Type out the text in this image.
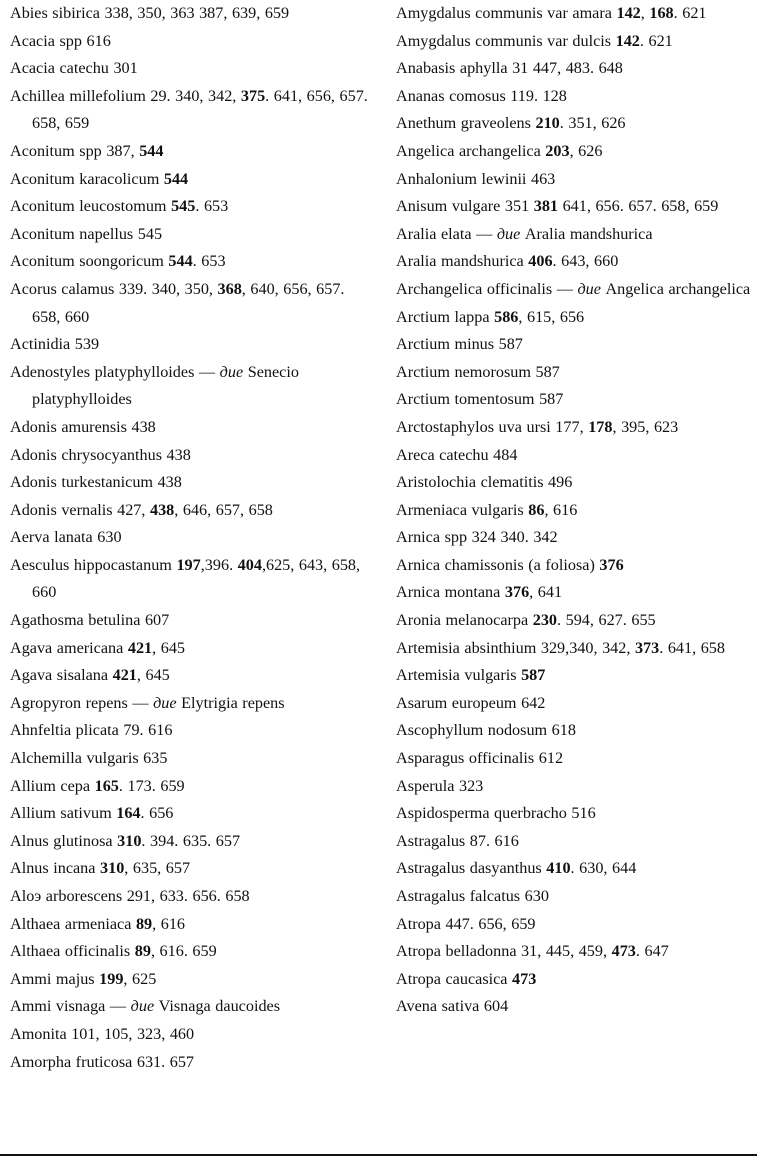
Abies sibirica 338, 350, 363 387, 639, 659
Acacia spp 616
Acacia catechu 301
Achillea millefolium 29. 340, 342, 375. 641, 656, 657. 658, 659
Aconitum spp 387, 544
Aconitum karacolicum 544
Aconitum leucostomum 545. 653
Aconitum napellus 545
Aconitum soongoricum 544. 653
Acorus calamus 339. 340, 350, 368, 640, 656, 657. 658, 660
Actinidia 539
Adenostyles platyphylloides — дие Senecio platyphylloides
Adonis amurensis 438
Adonis chrysocyanthus 438
Adonis turkestanicum 438
Adonis vernalis 427, 438, 646, 657, 658
Aerva lanata 630
Aesculus hippocastanum 197,396. 404,625, 643, 658, 660
Agathosma betulina 607
Agava americana 421, 645
Agava sisalana 421, 645
Agropyron repens — дие Elytrigia repens
Ahnfeltia plicata 79. 616
Alchemilla vulgaris 635
Allium cepa 165. 173. 659
Allium sativum 164. 656
Alnus glutinosa 310. 394. 635. 657
Alnus incana 310, 635, 657
Aloэ arborescens 291, 633. 656. 658
Althaea armeniaca 89, 616
Althaea officinalis 89, 616. 659
Ammi majus 199, 625
Ammi visnaga — дие Visnaga daucoides
Amonita 101, 105, 323, 460
Amorpha fruticosa 631. 657
Amygdalus communis var amara 142, 168. 621
Amygdalus communis var dulcis 142. 621
Anabasis aphylla 31 447, 483. 648
Ananas comosus 119. 128
Anethum graveolens 210. 351, 626
Angelica archangelica 203, 626
Anhalonium lewinii 463
Anisum vulgare 351 381 641, 656. 657. 658, 659
Aralia elata — дие Aralia mandshurica
Aralia mandshurica 406. 643, 660
Archangelica officinalis — дие Angelica archangelica
Arctium lappa 586, 615, 656
Arctium minus 587
Arctium nemorosum 587
Arctium tomentosum 587
Arctostaphylos uva ursi 177, 178, 395, 623
Areca catechu 484
Aristolochia clematitis 496
Armeniaca vulgaris 86, 616
Arnica spp 324 340. 342
Arnica chamissonis (a foliosa) 376
Arnica montana 376, 641
Aronia melanocarpa 230. 594, 627. 655
Artemisia absinthium 329,340, 342, 373. 641, 658
Artemisia vulgaris 587
Asarum europeum 642
Ascophyllum nodosum 618
Asparagus officinalis 612
Asperula 323
Aspidosperma querbracho 516
Astragalus 87. 616
Astragalus dasyanthus 410. 630, 644
Astragalus falcatus 630
Atropa 447. 656, 659
Atropa belladonna 31, 445, 459, 473. 647
Atropa caucasica 473
Avena sativa 604
